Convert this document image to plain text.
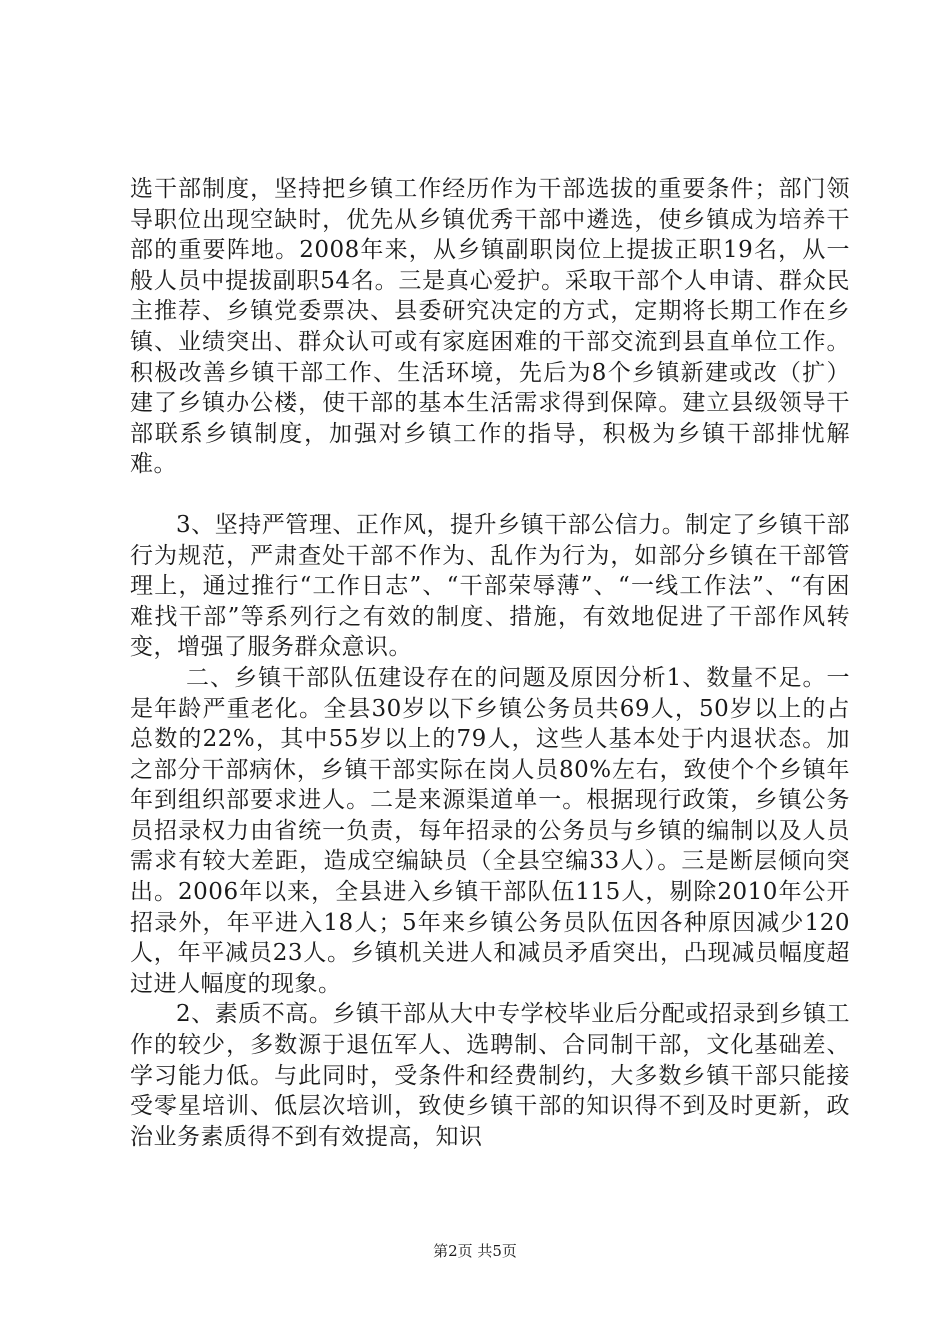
选干部制度，坚持把乡镇工作经历作为干部选拔的重要条件；部门领导职位出现空缺时，优先从乡镇优秀干部中遴选，使乡镇成为培养干部的重要阵地。2008年来，从乡镇副职岗位上提拔正职19名，从一般人员中提拔副职54名。三是真心爱护。采取干部个人申请、群众民主推荐、乡镇党委票决、县委研究决定的方式，定期将长期工作在乡镇、业绩突出、群众认可或有家庭困难的干部交流到县直单位工作。积极改善乡镇干部工作、生活环境，先后为8个乡镇新建或改（扩）建了乡镇办公楼，使干部的基本生活需求得到保障。建立县级领导干部联系乡镇制度，加强对乡镇工作的指导，积极为乡镇干部排忧解难。

3、坚持严管理、正作风，提升乡镇干部公信力。制定了乡镇干部行为规范，严肃查处干部不作为、乱作为行为，如部分乡镇在干部管理上，通过推行“工作日志”、“干部荣辱薄”、“一线工作法”、“有困难找干部”等系列行之有效的制度、措施，有效地促进了干部作风转变，增强了服务群众意识。

二、乡镇干部队伍建设存在的问题及原因分析1、数量不足。一是年龄严重老化。全县30岁以下乡镇公务员共69人，50岁以上的占总数的22%，其中55岁以上的79人，这些人基本处于内退状态。加之部分干部病休，乡镇干部实际在岗人员80%左右，致使个个乡镇年年到组织部要求进人。二是来源渠道单一。根据现行政策，乡镇公务员招录权力由省统一负责，每年招录的公务员与乡镇的编制以及人员需求有较大差距，造成空编缺员（全县空编33人）。三是断层倾向突出。2006年以来，全县进入乡镇干部队伍115人，剔除2010年公开招录外，年平进入18人；5年来乡镇公务员队伍因各种原因减少120人，年平减员23人。乡镇机关进人和减员矛盾突出，凸现减员幅度超过进人幅度的现象。

2、素质不高。乡镇干部从大中专学校毕业后分配或招录到乡镇工作的较少，多数源于退伍军人、选聘制、合同制干部，文化基础差、学习能力低。与此同时，受条件和经费制约，大多数乡镇干部只能接受零星培训、低层次培训，致使乡镇干部的知识得不到及时更新，政治业务素质得不到有效提高，知识

第2页 共5页
